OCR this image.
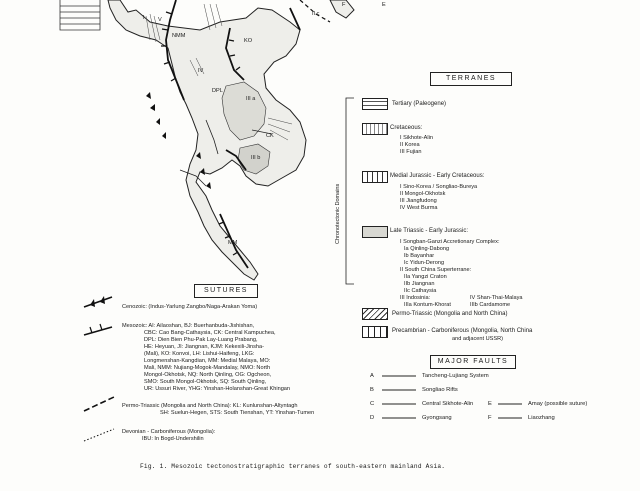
I V
NMM
KO
IV
DPL
III a
CK
III b
MM
II c
F	E
TERRANES
Chronotectonic Domains
Tertiary (Paleogene)
Cretaceous:
I Sikhote-Alin
II Korea
III Fujian
Medial Jurassic - Early Cretaceous:
I Sino-Korea / Songliao-Bureya
II Mongol-Okhotsk
III Jiangfudong
IV West Burma
Late Triassic - Early Jurassic:
I Songban-Ganzi Accretionary Complex:
Ia Qinling-Dabong
Ib Bayanhar
Ic Yidun-Derong
II South China Superterrane:
IIa Yangzi Craton
IIb Jiangnan
IIc Cathaysia
III Indosinia:
IIIa Kontum-Khorat	IIIb Cardamome
IV Shan-Thai-Malaya
Permo-Triassic (Mongolia and North China)
Precambrian - Carboniferous (Mongolia, North China
and adjacent USSR)
MAJOR FAULTS
A	Tancheng-Lujiang System
B	Songliao Rifts
C	Central Sikhote-Alin
D	Gyongsang
E	Amay (possible suture)
F	Liaozhang
SUTURES
Cenozoic: (Indus-Yarlung Zangbo/Naga-Arakan Yoma)
Mesozoic: AI: Ailaoshan, BJ: Buerhanbuda-Jishishan,
CBC: Cao Bang-Cathaysia, CK: Central Kampuchea,
DPL: Dien Bien Phu-Pak Lay-Luang Prabang,
HE: Heyuan, JI: Jiangnan, KJM: Kekexili-Jinsha-
(Mali), KO: Konvoi, LH: Lishui-Haifeng, LKG:
Longmenshan-Kangdian, MM: Medial Malaya, MO:
Mali, NMM: Nujiang-Mogok-Mandalay, NMO: North
Mongol-Okhotsk, NQ: North Qinling, OG: Ogcheon,
SMO: South Mongol-Okhotsk, SQ: South Qinling,
UR: Ussuri River, YHG: Yinshan-Holanshan-Great Khingan
Permo-Triassic (Mongolia and North China): KL: Kunlunshan-Altyntagh
SH: Suelun-Hegen, STS: South Tienshan, YT: Yinshan-Tumen
Devonian - Carboniferous (Mongolia):
IBU: In Bogd-Undershilin
Fig. 1. Mesozoic tectonostratigraphic terranes of south-eastern mainland Asia.
